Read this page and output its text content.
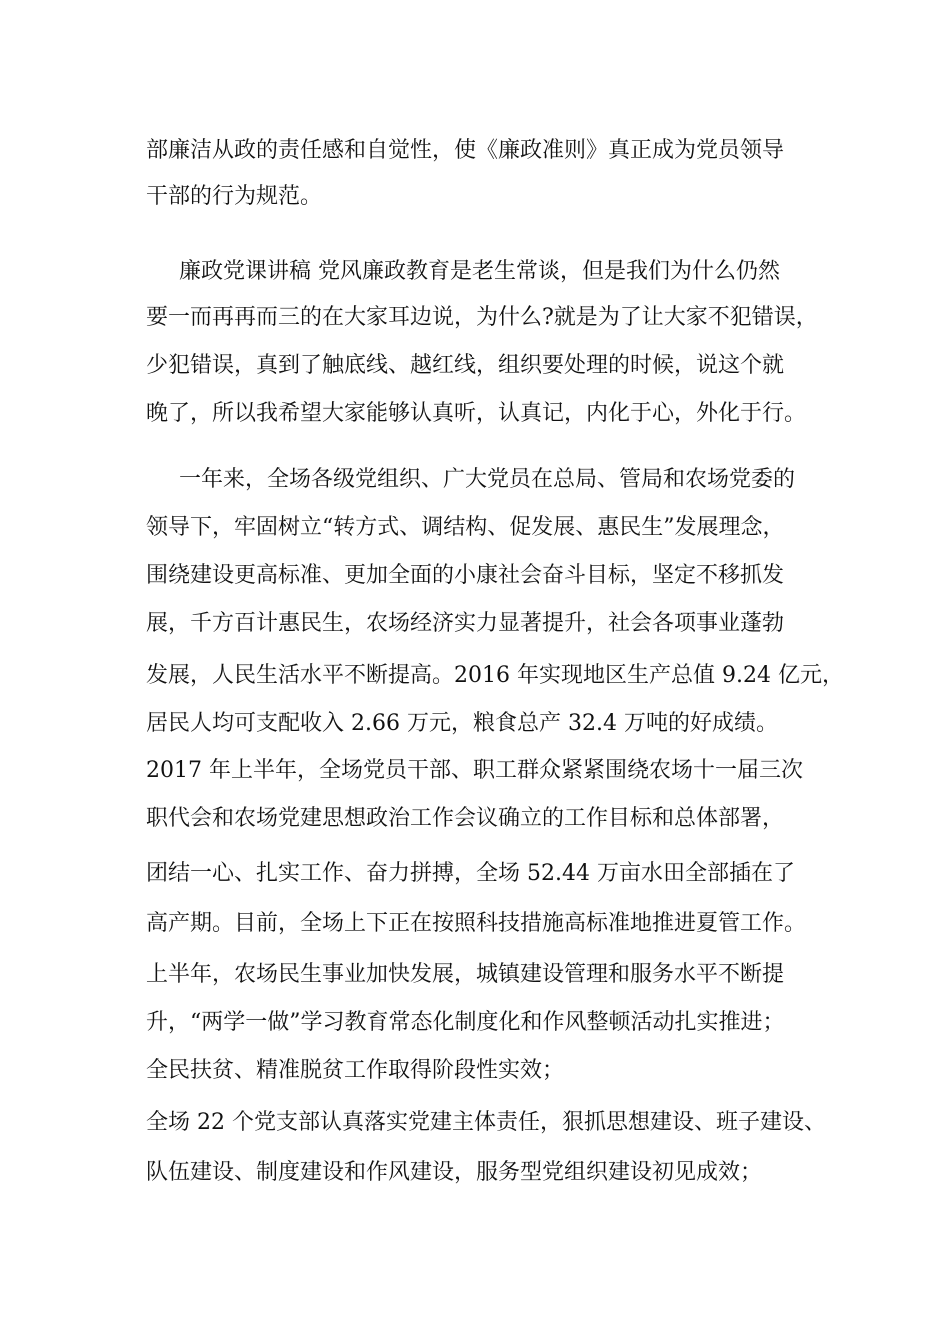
部廉洁从政的责任感和自觉性，使《廉政准则》真正成为党员领导
干部的行为规范。
廉政党课讲稿 党风廉政教育是老生常谈，但是我们为什么仍然
要一而再再而三的在大家耳边说，为什么?就是为了让大家不犯错误，
少犯错误，真到了触底线、越红线，组织要处理的时候，说这个就
晚了，所以我希望大家能够认真听，认真记，内化于心，外化于行。
一年来，全场各级党组织、广大党员在总局、管局和农场党委的
领导下，牢固树立“转方式、调结构、促发展、惠民生”发展理念，
围绕建设更高标准、更加全面的小康社会奋斗目标，坚定不移抓发
展，千方百计惠民生，农场经济实力显著提升，社会各项事业蓬勃
发展，人民生活水平不断提高。2016 年实现地区生产总值 9.24 亿元，
居民人均可支配收入 2.66 万元，粮食总产 32.4 万吨的好成绩。
2017 年上半年，全场党员干部、职工群众紧紧围绕农场十一届三次
职代会和农场党建思想政治工作会议确立的工作目标和总体部署，
团结一心、扎实工作、奋力拼搏，全场 52.44 万亩水田全部插在了
高产期。目前，全场上下正在按照科技措施高标准地推进夏管工作。
上半年，农场民生事业加快发展，城镇建设管理和服务水平不断提
升，“两学一做”学习教育常态化制度化和作风整顿活动扎实推进；
全民扶贫、精准脱贫工作取得阶段性实效；
全场 22 个党支部认真落实党建主体责任，狠抓思想建设、班子建设、
队伍建设、制度建设和作风建设，服务型党组织建设初见成效；
